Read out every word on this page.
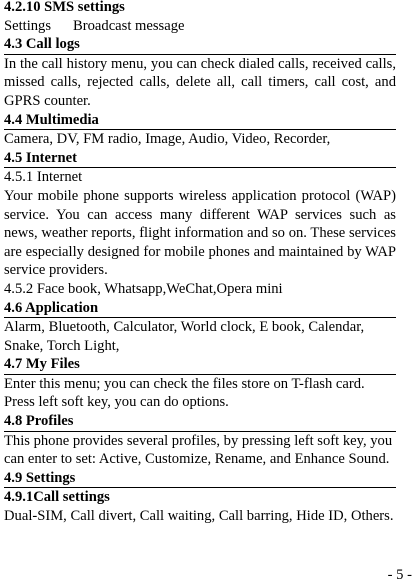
4.2.10 SMS settings
Settings Broadcast message
4.3 Call logs
In the call history menu, you can check dialed calls, received calls, missed calls, rejected calls, delete all, call timers, call cost, and GPRS counter.
4.4 Multimedia
Camera, DV, FM radio, Image, Audio, Video, Recorder,
4.5 Internet
4.5.1 Internet
Your mobile phone supports wireless application protocol (WAP) service. You can access many different WAP services such as news, weather reports, flight information and so on. These services are especially designed for mobile phones and maintained by WAP service providers.
4.5.2 Face book, Whatsapp,WeChat,Opera mini
4.6 Application
Alarm, Bluetooth, Calculator, World clock, E book, Calendar, Snake, Torch Light,
4.7 My Files
Enter this menu; you can check the files store on T-flash card. Press left soft key, you can do options.
4.8 Profiles
This phone provides several profiles, by pressing left soft key, you can enter to set: Active, Customize, Rename, and Enhance Sound.
4.9 Settings
4.9.1Call settings
Dual-SIM, Call divert, Call waiting, Call barring, Hide ID, Others.
- 5 -
